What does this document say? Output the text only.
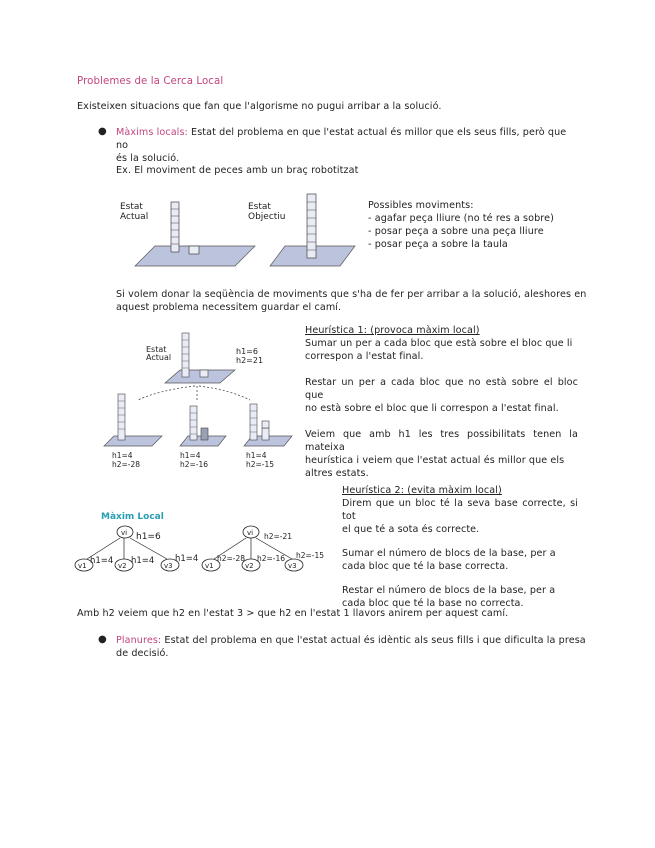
Problemes de la Cerca Local
Existeixen situacions que fan que l'algorisme no pugui arribar a la solució.
● Màxims locals: Estat del problema en que l'estat actual és millor que els seus fills, però que no
és la solució.
Ex. El moviment de peces amb un braç robotitzat
Estat
Actual
Estat
Objectiu
Possibles moviments:
- agafar peça lliure (no té res a sobre)
- posar peça a sobre una peça lliure
- posar peça a sobre la taula
Si volem donar la seqüència de moviments que s'ha de fer per arribar a la solució, aleshores en
aquest problema necessitem guardar el camí.
Estat
Actual
h1=6
h2=21
h1=4
h2=-28
h1=4
h2=-16
h1=4
h2=-15
Heurística 1: (provoca màxim local)
Sumar un per a cada bloc que està sobre el bloc que li
correspon a l'estat final.
Restar un per a cada bloc que no està sobre el bloc que
no està sobre el bloc que li correspon a l'estat final.
Veiem que amb h1 les tres possibilitats tenen la mateixa
heurística i veiem que l'estat actual és millor que els
altres estats.
Màxim Local
vi h1=6
v1	v2	v3
h1=4 h1=4 h1=4
vi h2=-21
v1	v2	v3
h2=-28 h2=-16 h2=-15
Heurística 2: (evita màxim local)
Direm que un bloc té la seva base correcte, si tot
el que té a sota és correcte.
Sumar el número de blocs de la base, per a
cada bloc que té la base correcta.
Restar el número de blocs de la base, per a
cada bloc que té la base no correcta.
Amb h2 veiem que h2 en l'estat 3 > que h2 en l'estat 1 llavors anirem per aquest camí.
● Planures: Estat del problema en que l'estat actual és idèntic als seus fills i que dificulta la presa
de decisió.
